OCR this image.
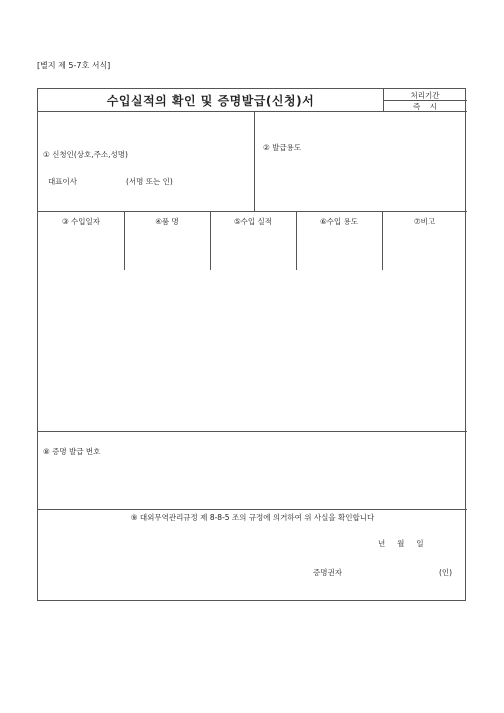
[별지 제 5-7호 서식]
수입실적의 확인 및 증명발급(신청)서	처리기간
즉    시
① 신청인(상호,주소,성명)
대표이사	(서명 또는 인)
② 발급용도
③ 수입일자	④품 명	⑤수입 실적	⑥수입 용도	⑦비고
⑧ 증명 발급 번호
⑨ 대외무역관리규정 제 8-8-5 조의 규정에 의거하여 위 사실을 확인합니다
년     월     일
증명권자	(인)
